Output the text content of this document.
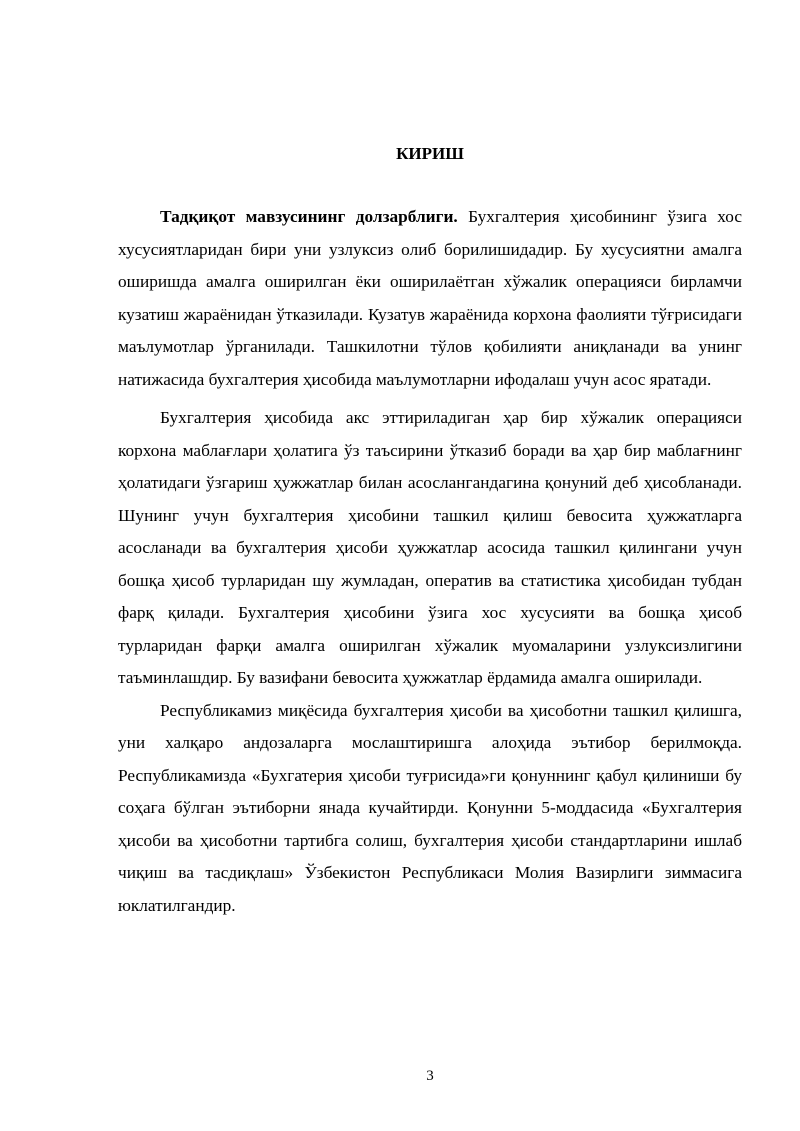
КИРИШ

Тадқиқот мавзусининг долзарблиги. Бухгалтерия ҳисобининг ўзига хос хусусиятларидан бири уни узлуксиз олиб борилишидадир. Бу хусусиятни амалга оширишда амалга оширилган ёки оширилаётган хўжалик операцияси бирламчи кузатиш жараёнидан ўтказилади. Кузатув жараёнида корхона фаолияти тўғрисидаги маълумотлар ўрганилади. Ташкилотни тўлов қобилияти аниқланади ва унинг натижасида бухгалтерия ҳисобида маълумотларни ифодалаш учун асос яратади.

Бухгалтерия ҳисобида акс эттириладиган ҳар бир хўжалик операцияси корхона маблағлари ҳолатига ўз таъсирини ўтказиб боради ва ҳар бир маблағнинг ҳолатидаги ўзгариш ҳужжатлар билан асослангандагина қонуний деб ҳисобланади. Шунинг учун бухгалтерия ҳисобини ташкил қилиш бевосита ҳужжатларга асосланади ва бухгалтерия ҳисоби ҳужжатлар асосида ташкил қилингани учун бошқа ҳисоб турларидан шу жумладан, оператив ва статистика ҳисобидан тубдан фарқ қилади. Бухгалтерия ҳисобини ўзига хос хусусияти ва бошқа ҳисоб турларидан фарқи амалга оширилган хўжалик муомаларини узлуксизлигини таъминлашдир. Бу вазифани бевосита ҳужжатлар ёрдамида амалга оширилади.

Республикамиз миқёсида бухгалтерия ҳисоби ва ҳисоботни ташкил қилишга, уни халқаро андозаларга мослаштиришга алоҳида эътибор берилмоқда. Республикамизда «Бухгатерия ҳисоби туғрисида»ги қонуннинг қабул қилиниши бу соҳага бўлган эътиборни янада кучайтирди. Қонунни 5-моддасида «Бухгалтерия ҳисоби ва ҳисоботни тартибга солиш, бухгалтерия ҳисоби стандартларини ишлаб чиқиш ва тасдиқлаш» Ўзбекистон Республикаси Молия Вазирлиги зиммасига юклатилгандир.

3
